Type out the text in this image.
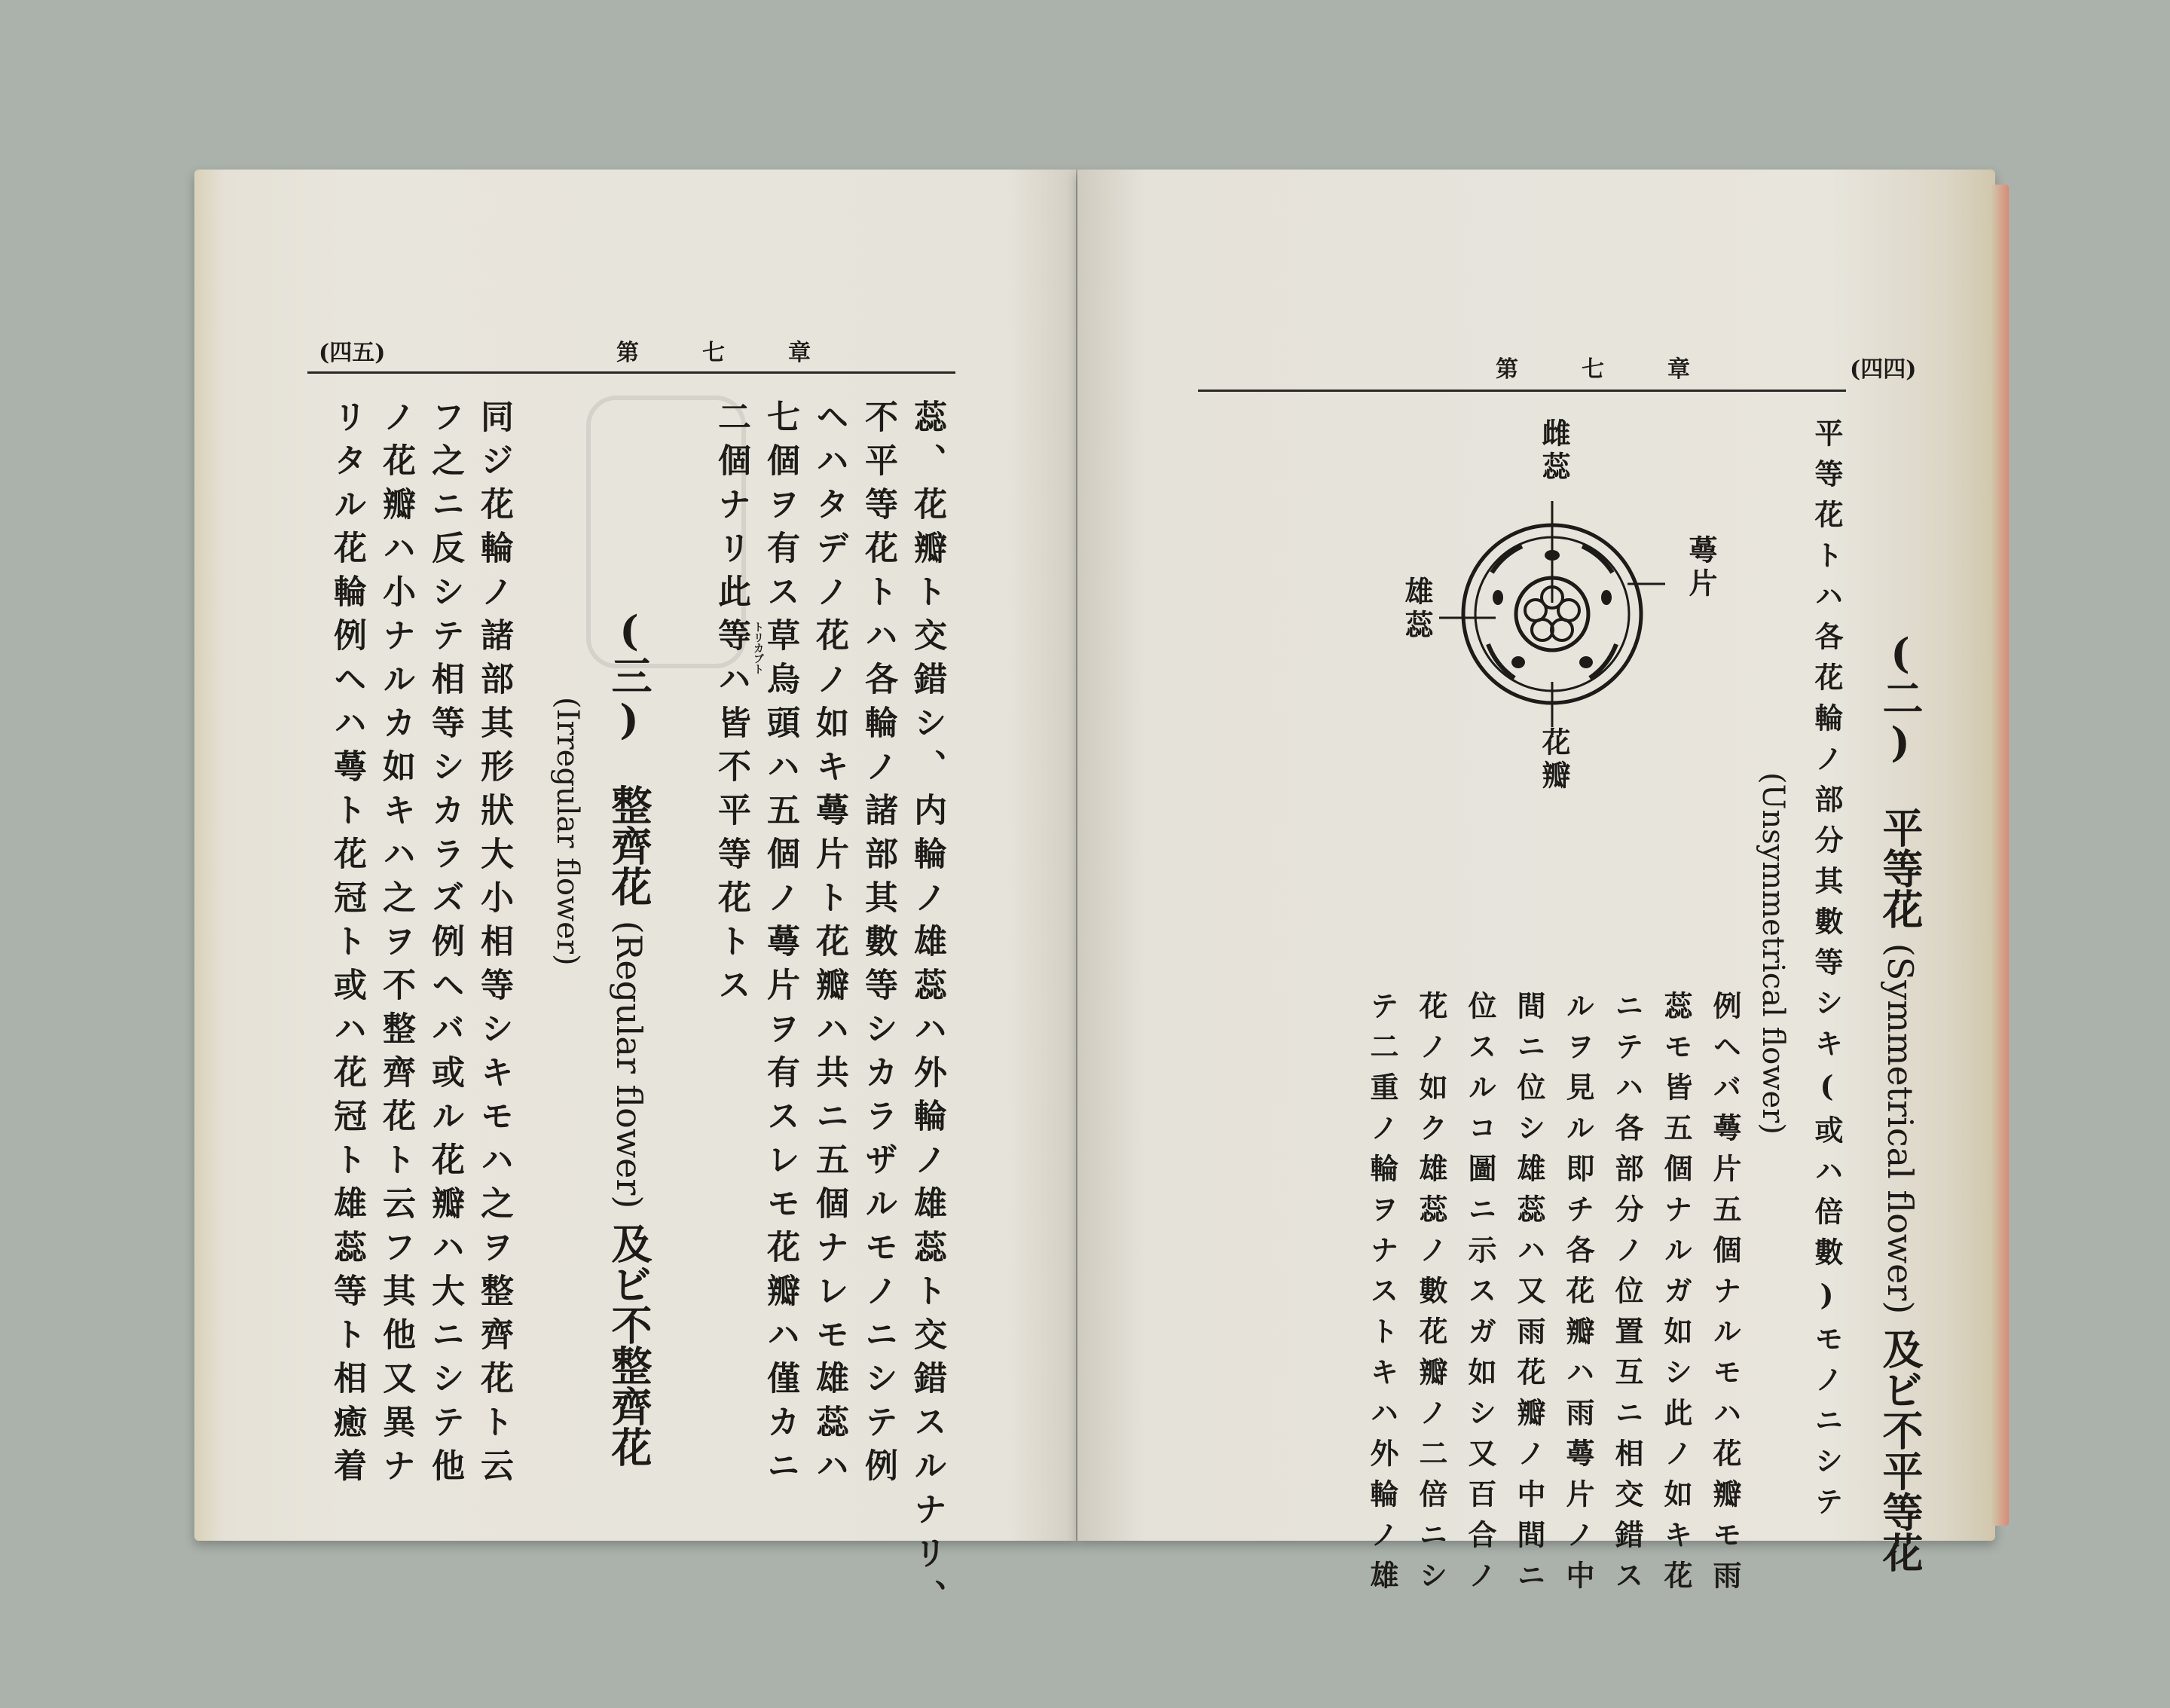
(四五)	第　　七　　章
蕊、花瓣ト交錯シ、内輪ノ雄蕊ハ外輪ノ雄蕊ト交錯スルナリ、
不平等花トハ各輪ノ諸部其數等シカラザルモノニシテ例
ヘハタデノ花ノ如キ蕚片ト花瓣ハ共ニ五個ナレモ雄蕊ハ
七個ヲ有ス草烏頭ハ五個ノ蕚片ヲ有スレモ花瓣ハ僅カニ
トリカブト
二個ナリ此等ハ皆不平等花トス
(三)　整齊花 (Regular flower) 及ビ不整齊花
(Irregular flower)
同ジ花輪ノ諸部其形狀大小相等シキモハ之ヲ整齊花ト云
フ之ニ反シテ相等シカラズ例ヘバ或ル花瓣ハ大ニシテ他
ノ花瓣ハ小ナルカ如キハ之ヲ不整齊花ト云フ其他又異ナ
リタル花輪例ヘハ蕚ト花冠ト或ハ花冠ト雄蕊等ト相癒着
第　　七　　章	(四四)
雌蕊
蕚片
雄蕊
花瓣	(二)　平等花 (Symmetrical flower) 及ビ不平等花
平等花トハ各花輪ノ部分其數等シキ(或ハ倍數)モノニシテ
(Unsymmetrical flower)
例ヘバ蕚片五個ナルモハ花瓣モ雨
蕊モ皆五個ナルガ如シ此ノ如キ花
ニテハ各部分ノ位置互ニ相交錯ス
ルヲ見ル即チ各花瓣ハ雨蕚片ノ中
間ニ位シ雄蕊ハ又雨花瓣ノ中間ニ
位スルコ圖ニ示スガ如シ又百合ノ
花ノ如ク雄蕊ノ數花瓣ノ二倍ニシ
テ二重ノ輪ヲナストキハ外輪ノ雄
